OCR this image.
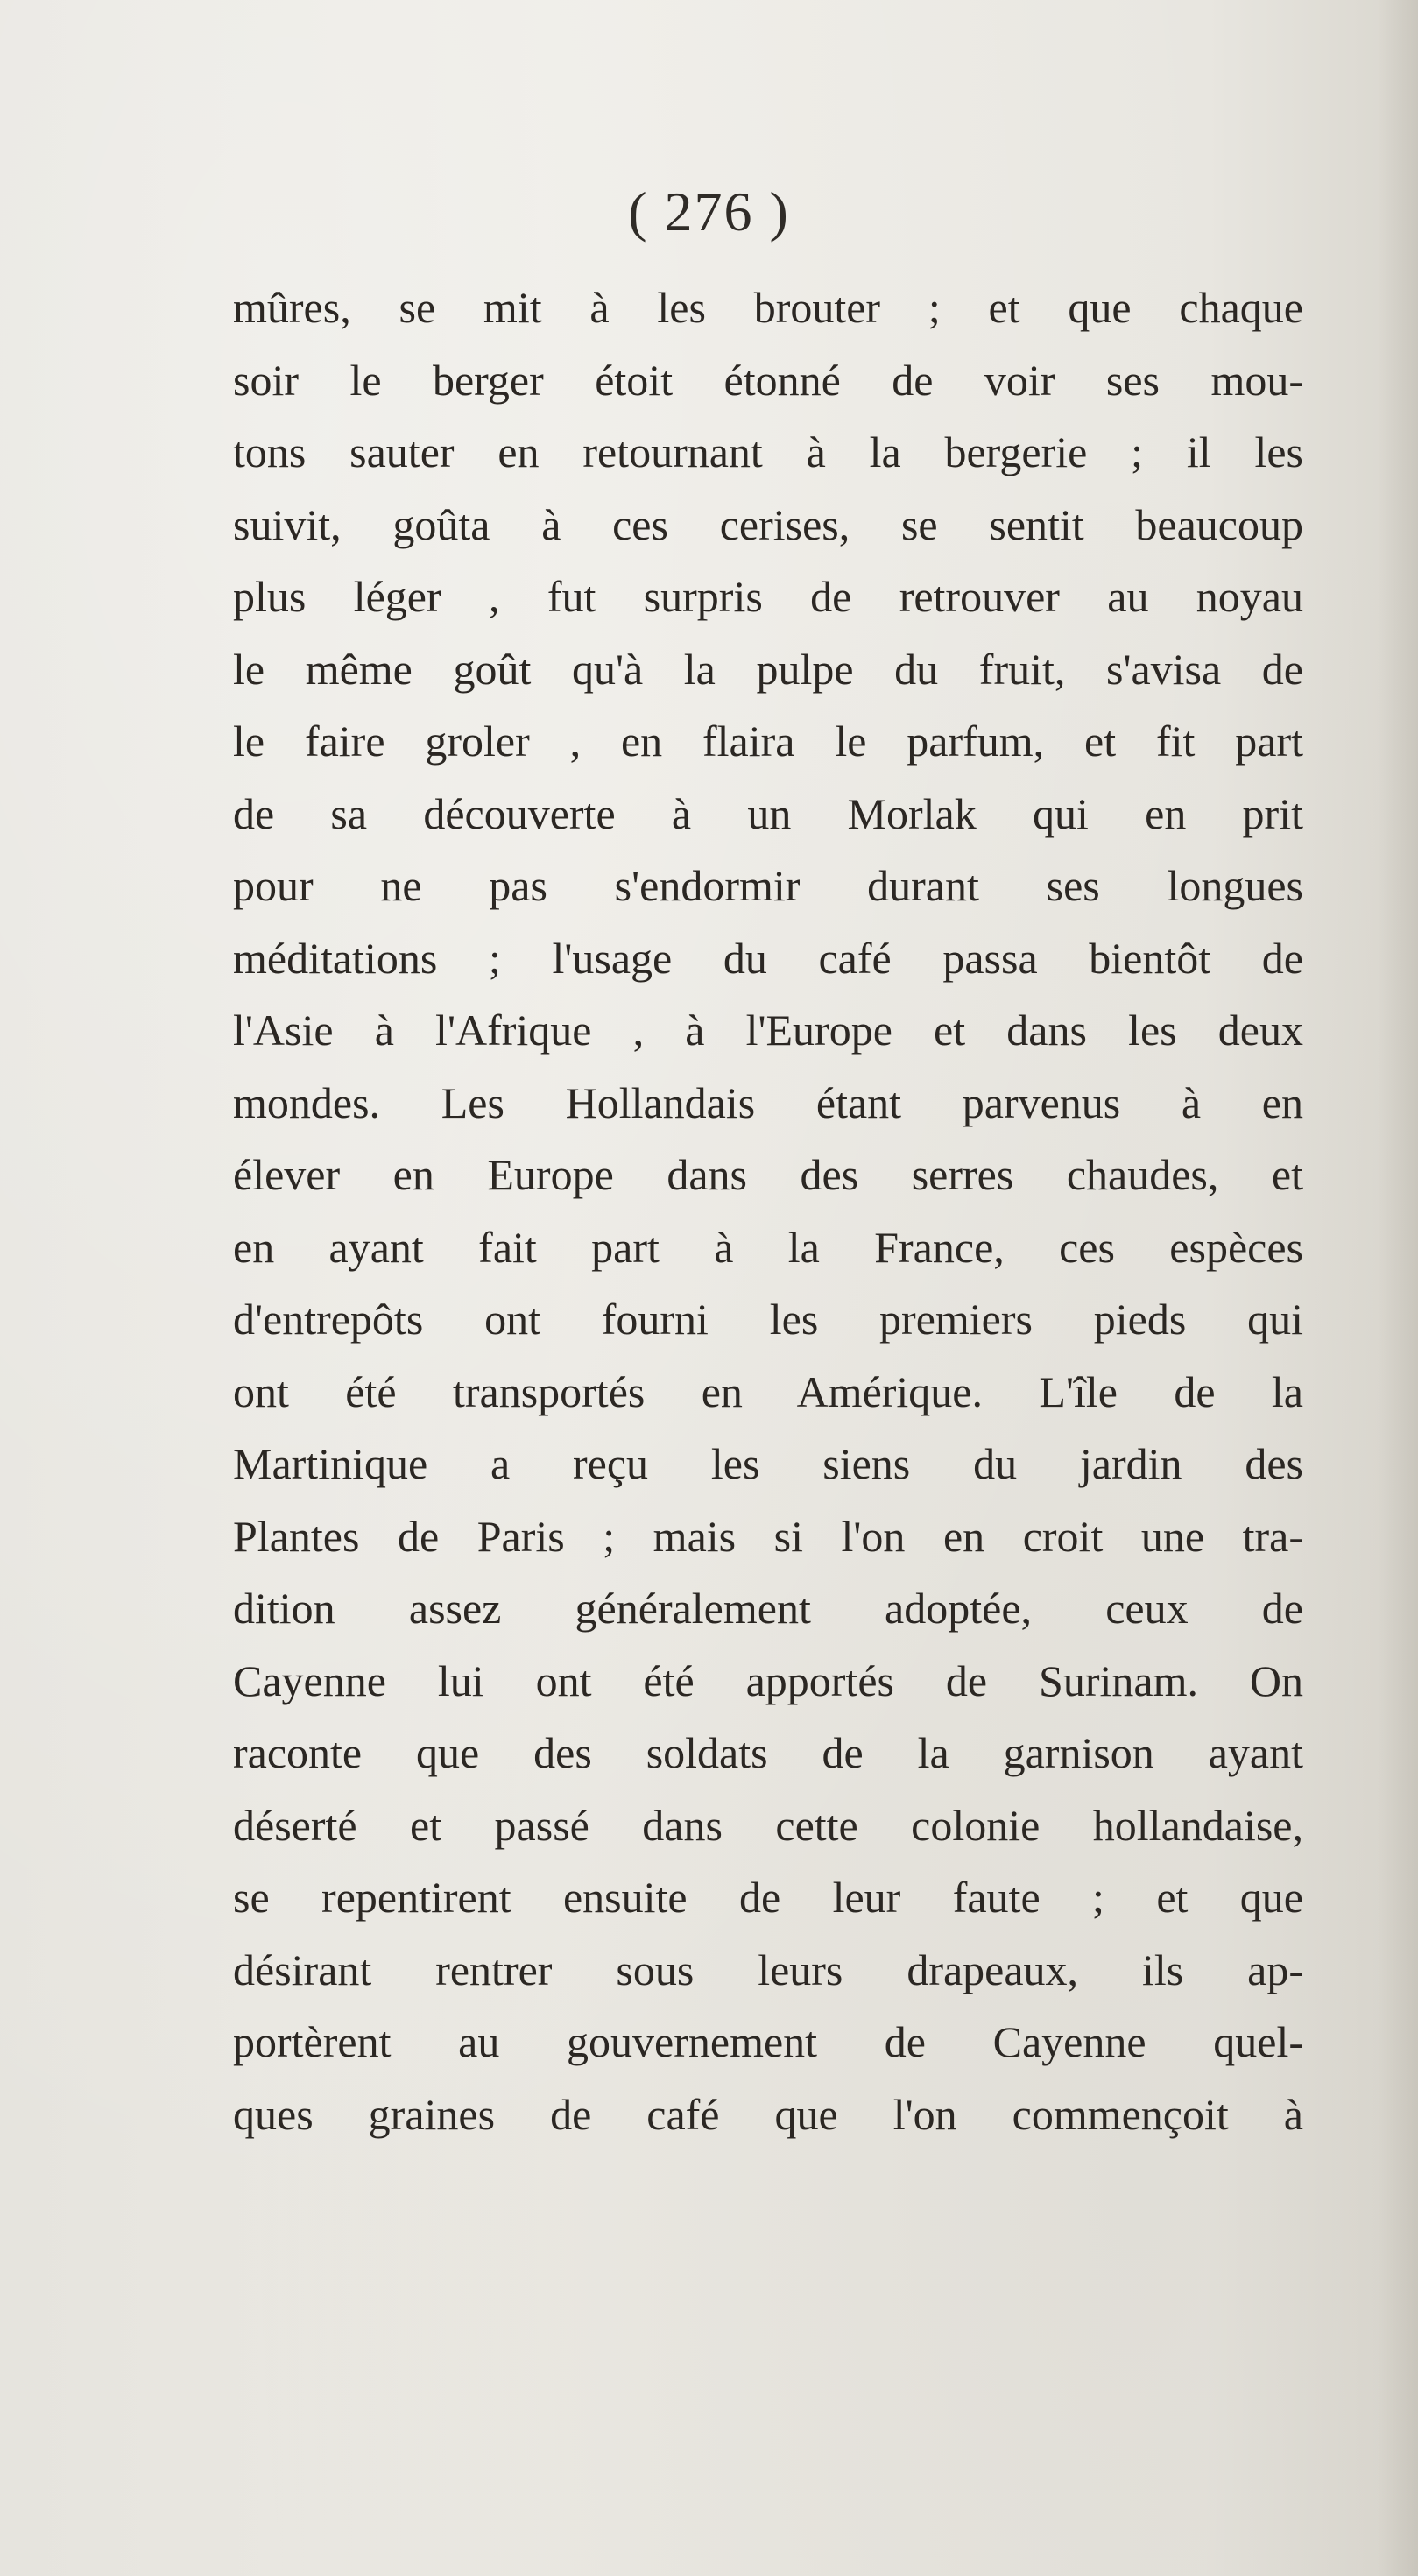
( 276 )
mûres, se mit à les brouter ; et que chaque
soir le berger étoit étonné de voir ses mou-
tons sauter en retournant à la bergerie ; il les
suivit, goûta à ces cerises, se sentit beaucoup
plus léger , fut surpris de retrouver au noyau
le même goût qu'à la pulpe du fruit, s'avisa de
le faire groler , en flaira le parfum, et fit part
de sa découverte à un Morlak qui en prit
pour ne pas s'endormir durant ses longues
méditations ; l'usage du café passa bientôt de
l'Asie à l'Afrique , à l'Europe et dans les deux
mondes. Les Hollandais étant parvenus à en
élever en Europe dans des serres chaudes, et
en ayant fait part à la France, ces espèces
d'entrepôts ont fourni les premiers pieds qui
ont été transportés en Amérique. L'île de la
Martinique a reçu les siens du jardin des
Plantes de Paris ; mais si l'on en croit une tra-
dition assez généralement adoptée, ceux de
Cayenne lui ont été apportés de Surinam. On
raconte que des soldats de la garnison ayant
déserté et passé dans cette colonie hollandaise,
se repentirent ensuite de leur faute ; et que
désirant rentrer sous leurs drapeaux, ils ap-
portèrent au gouvernement de Cayenne quel-
ques graines de café que l'on commençoit à
